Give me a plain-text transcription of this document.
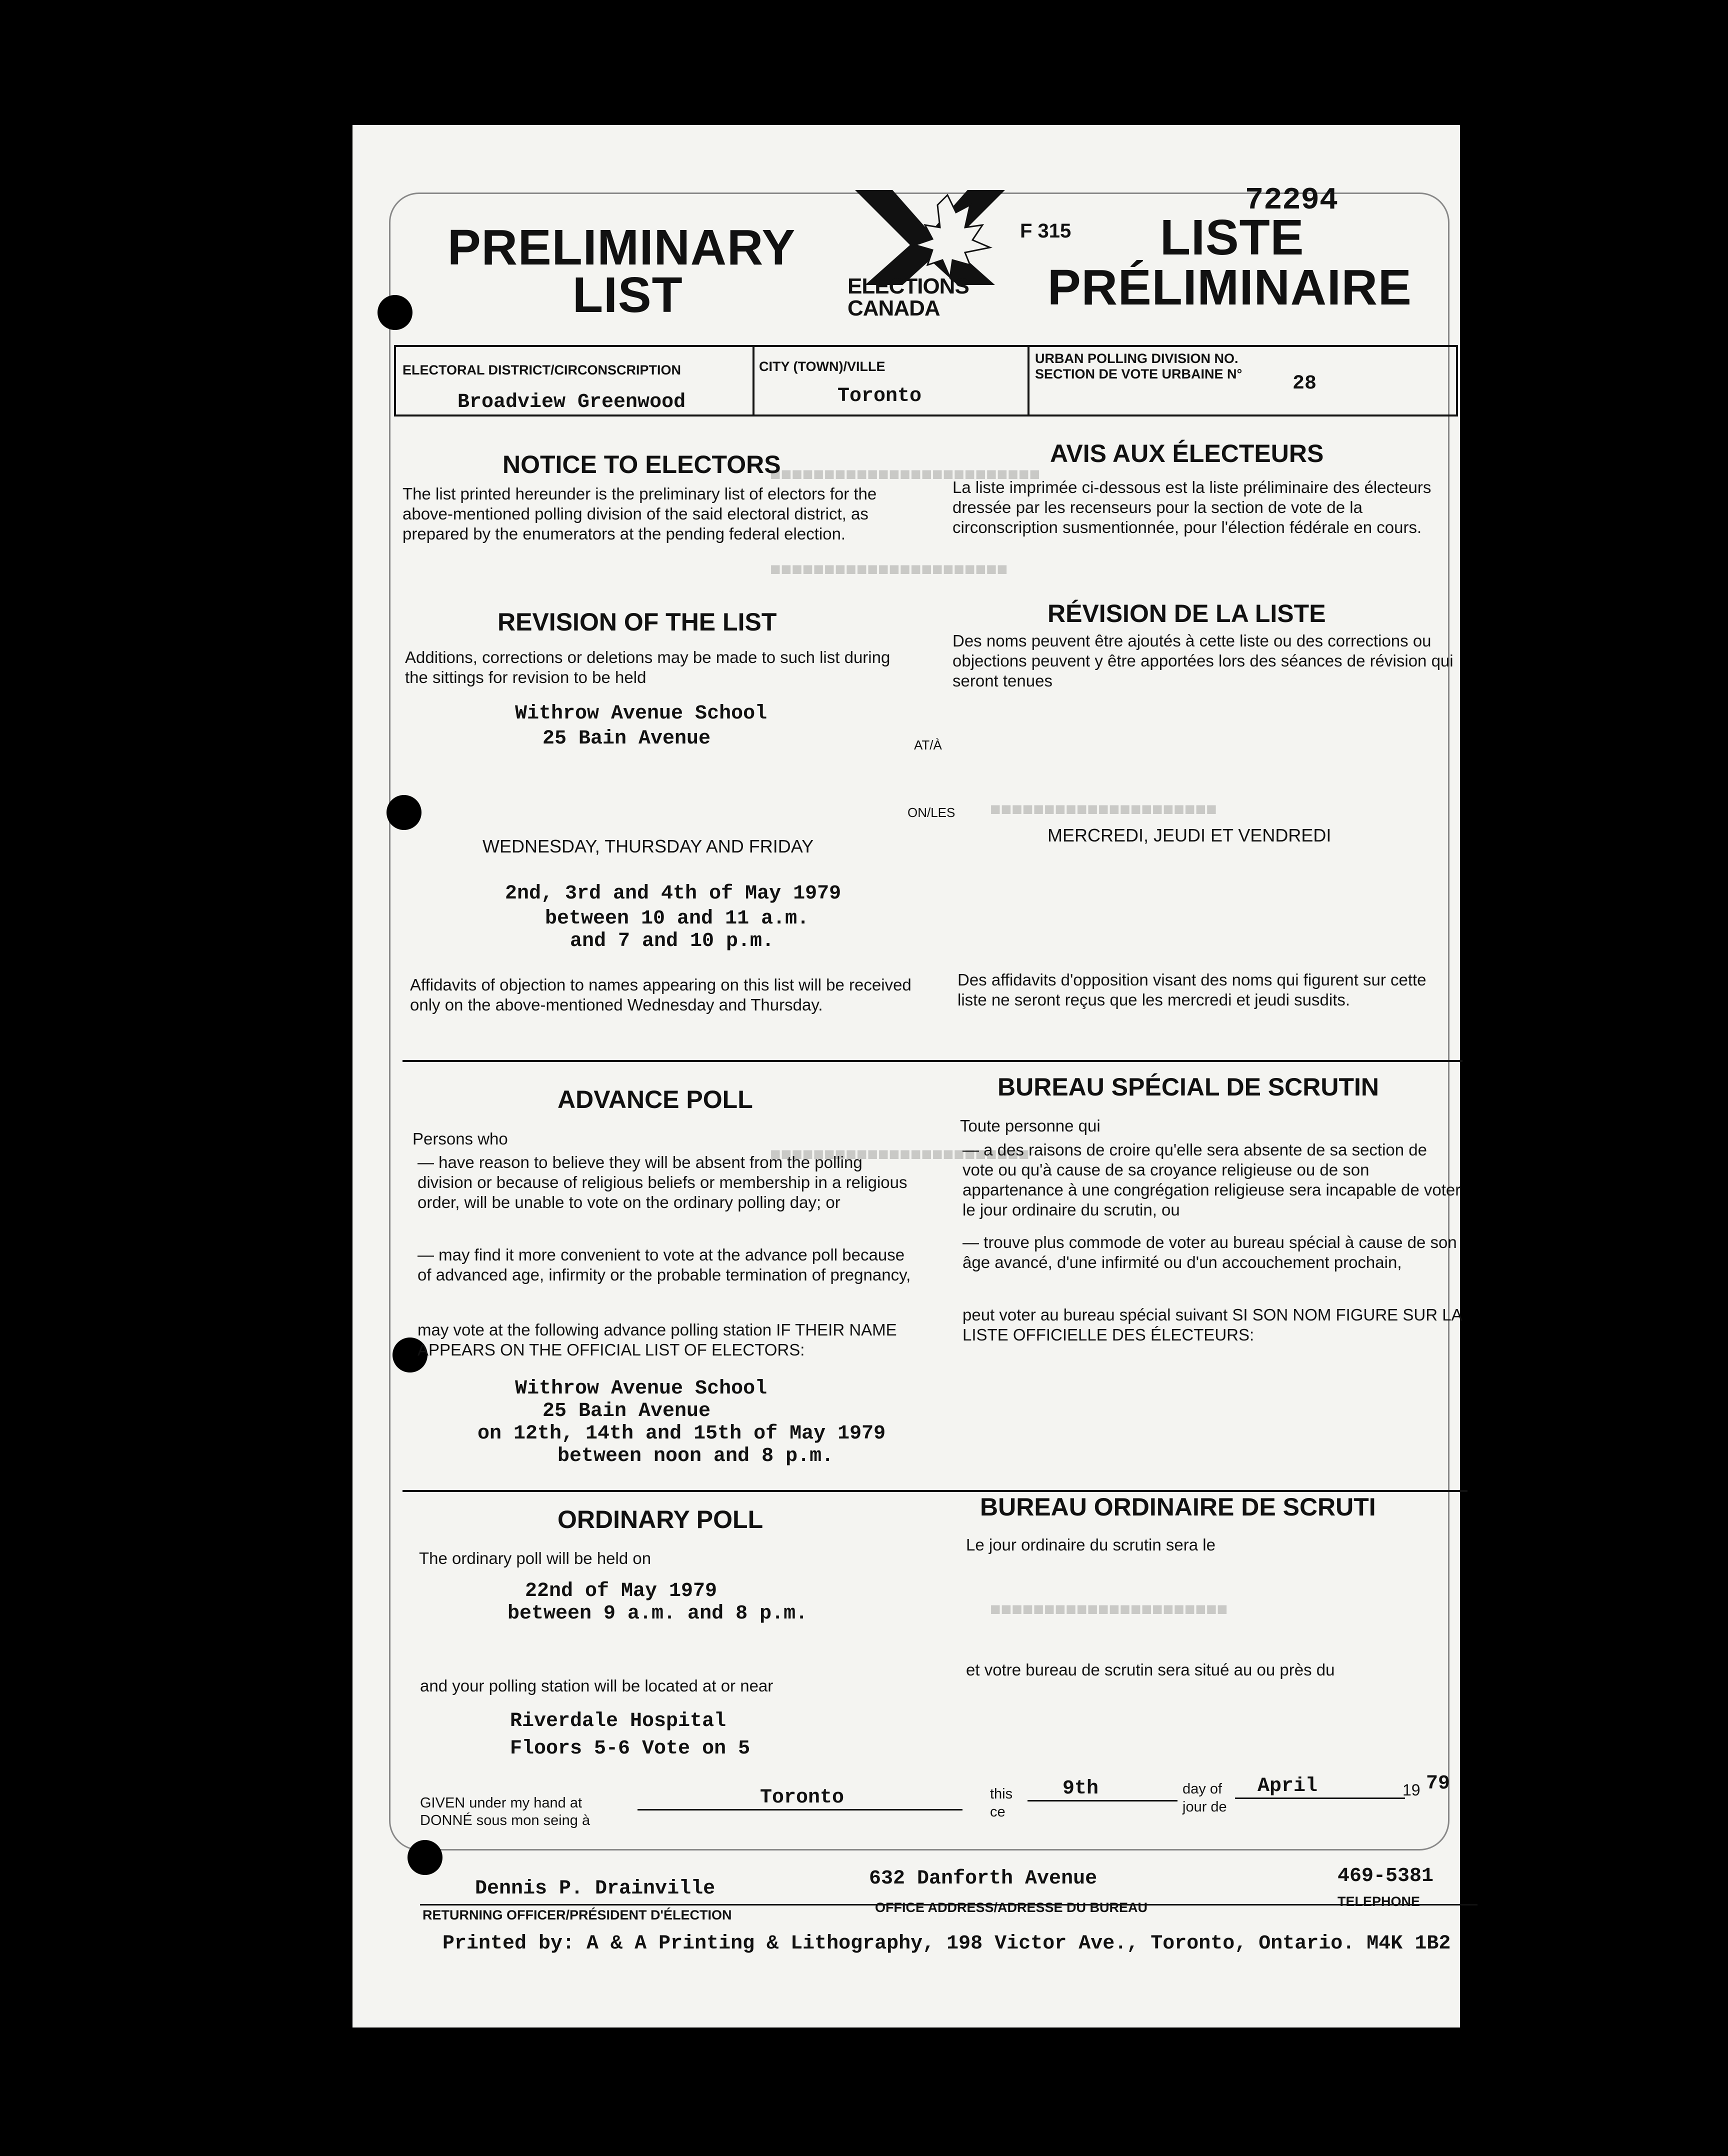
■■■■■■■■■■■■■■■■■■■■■■■■■
■■■■■■■■■■■■■■■■■■■■■■
■■■■■■■■■■■■■■■■■■■■■
■■■■■■■■■■■■■■■■■■■■■■■■
■■■■■■■■■■■■■■■■■■■■■■
PRELIMINARY
LIST
LISTE
PRÉLIMINAIRE
72294
F 315
ELECTIONS
CANADA
ELECTORAL DISTRICT/CIRCONSCRIPTION
Broadview Greenwood
CITY (TOWN)/VILLE
Toronto
URBAN POLLING DIVISION NO.
SECTION DE VOTE URBAINE N°	28
NOTICE TO ELECTORS
The list printed hereunder is the preliminary list of electors for the above-mentioned polling division of the said electoral district, as prepared by the enumerators at the pending federal election.
AVIS AUX ÉLECTEURS
La liste imprimée ci-dessous est la liste préliminaire des électeurs dressée par les recenseurs pour la section de vote de la circonscription susmentionnée, pour l'élection fédérale en cours.
REVISION OF THE LIST
Additions, corrections or deletions may be made to such list during the sittings for revision to be held
RÉVISION DE LA LISTE
Des noms peuvent être ajoutés à cette liste ou des corrections ou objections peuvent y être apportées lors des séances de révision qui seront tenues
Withrow Avenue School
25 Bain Avenue	AT/À
ON/LES
WEDNESDAY, THURSDAY AND FRIDAY
MERCREDI, JEUDI ET VENDREDI
2nd, 3rd and 4th of May 1979
between 10 and 11 a.m.
and 7 and 10 p.m.
Affidavits of objection to names appearing on this list will be received only on the above-mentioned Wednesday and Thursday.
Des affidavits d'opposition visant des noms qui figurent sur cette liste ne seront reçus que les mercredi et jeudi susdits.
ADVANCE POLL	BUREAU SPÉCIAL DE SCRUTIN
Persons who
Toute personne qui
— have reason to believe they will be absent from the polling division or because of religious beliefs or membership in a religious order, will be unable to vote on the ordinary polling day; or
— may find it more convenient to vote at the advance poll because of advanced age, infirmity or the probable termination of pregnancy,
— a des raisons de croire qu'elle sera absente de sa section de vote ou qu'à cause de sa croyance religieuse ou de son appartenance à une congrégation religieuse sera incapable de voter le jour ordinaire du scrutin, ou
— trouve plus commode de voter au bureau spécial à cause de son âge avancé, d'une infirmité ou d'un accouchement prochain,
may vote at the following advance polling station IF THEIR NAME APPEARS ON THE OFFICIAL LIST OF ELECTORS:
peut voter au bureau spécial suivant SI SON NOM FIGURE SUR LA LISTE OFFICIELLE DES ÉLECTEURS:
Withrow Avenue School
25 Bain Avenue
on 12th, 14th and 15th of May 1979
between noon and 8 p.m.
ORDINARY POLL	BUREAU ORDINAIRE DE SCRUTI
The ordinary poll will be held on
Le jour ordinaire du scrutin sera le
22nd of May 1979
between 9 a.m. and 8 p.m.
and your polling station will be located at or near
et votre bureau de scrutin sera situé au ou près du
Riverdale Hospital
Floors 5-6 Vote on 5
GIVEN under my hand at
DONNÉ sous mon seing à
Toronto	this
ce
9th	day of
jour de
April	19 79
Dennis P. Drainville
RETURNING OFFICER/PRÉSIDENT D'ÉLECTION
632 Danforth Avenue
OFFICE ADDRESS/ADRESSE DU BUREAU
469-5381
TELEPHONE
Printed by: A & A Printing & Lithography, 198 Victor Ave., Toronto, Ontario. M4K 1B2
